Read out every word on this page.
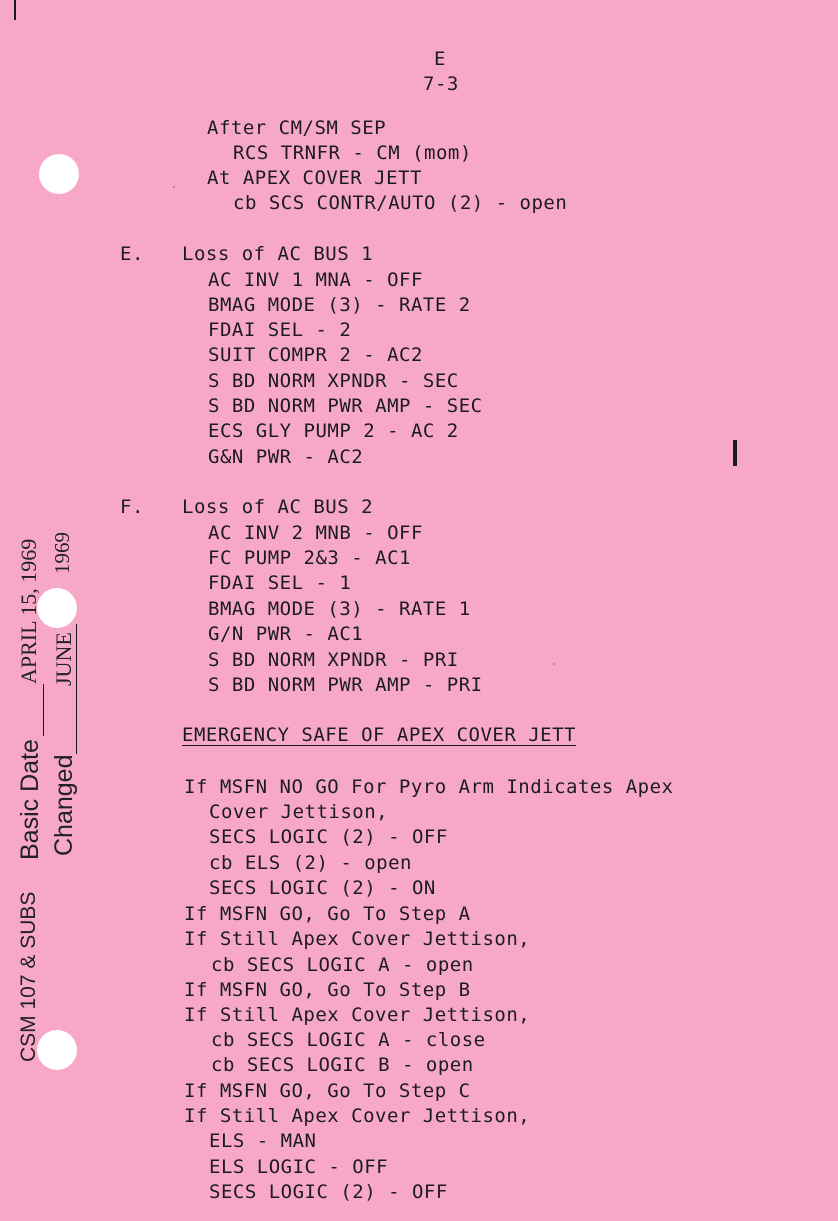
E
7-3
After CM/SM SEP
RCS TRNFR - CM (mom)
At APEX COVER JETT
cb SCS CONTR/AUTO (2) - open
E. Loss of AC BUS 1
AC INV 1 MNA - OFF
BMAG MODE (3) - RATE 2
FDAI SEL - 2
SUIT COMPR 2 - AC2
S BD NORM XPNDR - SEC
S BD NORM PWR AMP - SEC
ECS GLY PUMP 2 - AC 2
G&N PWR - AC2
F. Loss of AC BUS 2
AC INV 2 MNB - OFF
FC PUMP 2&3 - AC1
FDAI SEL - 1
BMAG MODE (3) - RATE 1
G/N PWR - AC1
S BD NORM XPNDR - PRI
S BD NORM PWR AMP - PRI
EMERGENCY SAFE OF APEX COVER JETT
If MSFN NO GO For Pyro Arm Indicates Apex
Cover Jettison,
SECS LOGIC (2) - OFF
cb ELS (2) - open
SECS LOGIC (2) - ON
If MSFN GO, Go To Step A
If Still Apex Cover Jettison,
cb SECS LOGIC A - open
If MSFN GO, Go To Step B
If Still Apex Cover Jettison,
cb SECS LOGIC A - close
cb SECS LOGIC B - open
If MSFN GO, Go To Step C
If Still Apex Cover Jettison,
ELS - MAN
ELS LOGIC - OFF
SECS LOGIC (2) - OFF
CSM 107 & SUBS
Basic Date
APRIL 15, 1969
Changed
JUNE
1969
